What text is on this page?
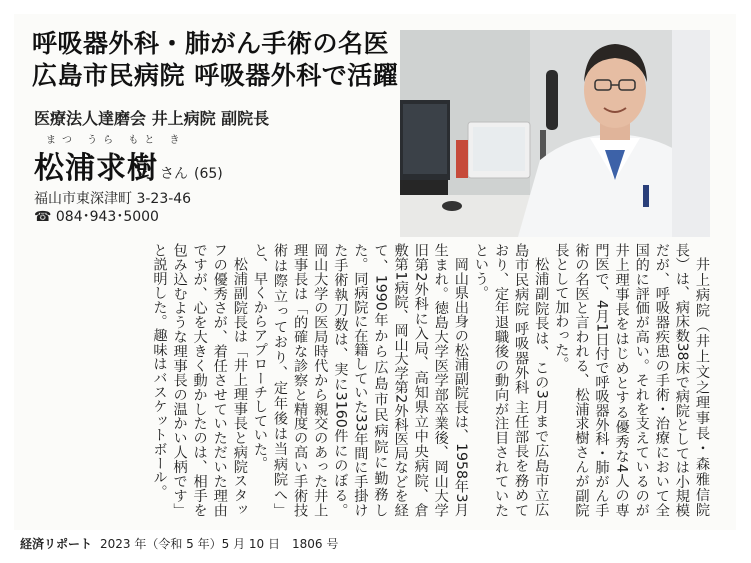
呼吸器外科・肺がん手術の名医
広島市民病院 呼吸器外科で活躍
医療法人達磨会 井上病院 副院長
まつ うら もと き
松浦求樹 さん (65)
福山市東深津町 3-23-46
☎ 084･943･5000

井上病院（井上文之理事長・森雅信院長）は、病床数38床で病院としては小規模だが、呼吸器疾患の手術・治療において全国的に評価が高い。それを支えているのが井上理事長をはじめとする優秀な4人の専門医で、4月1日付で呼吸器外科・肺がん手術の名医と言われる、松浦求樹さんが副院長として加わった。

松浦副院長は、この3月まで広島市立広島市民病院 呼吸器外科 主任部長を務めており、定年退職後の動向が注目されていたという。

岡山県出身の松浦副院長は、1958年3月生まれ。徳島大学医学部卒業後、岡山大学旧第2外科に入局、高知県立中央病院、倉敷第1病院、岡山大学第2外科医局などを経て、1990年から広島市民病院に勤務した。同病院に在籍していた33年間に手掛けた手術執刀数は、実に3160件にのぼる。岡山大学の医局時代から親交のあった井上理事長は「的確な診察と精度の高い手術技術は際立っており、定年後は当病院へ」と、早くからアプローチしていた。

松浦副院長は「井上理事長と病院スタッフの優秀さが、着任させていただいた理由ですが、心を大きく動かしたのは、相手を包み込むような理事長の温かい人柄です」と説明した。趣味はバスケットボール。

経済リポート 2023 年（令和 5 年）5 月 10 日　1806 号
